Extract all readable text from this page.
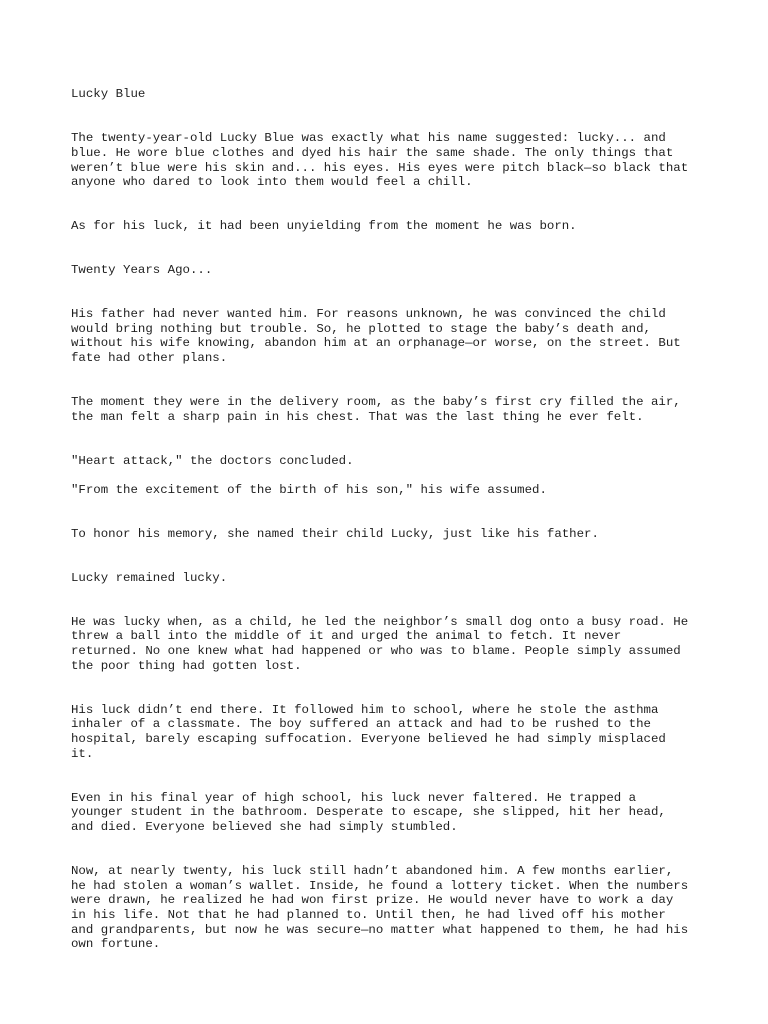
Lucky Blue

The twenty-year-old Lucky Blue was exactly what his name suggested: lucky... and

blue. He wore blue clothes and dyed his hair the same shade. The only things that

weren’t blue were his skin and... his eyes. His eyes were pitch black—so black that

anyone who dared to look into them would feel a chill.

As for his luck, it had been unyielding from the moment he was born.

Twenty Years Ago...

His father had never wanted him. For reasons unknown, he was convinced the child

would bring nothing but trouble. So, he plotted to stage the baby’s death and,

without his wife knowing, abandon him at an orphanage—or worse, on the street. But

fate had other plans.

The moment they were in the delivery room, as the baby’s first cry filled the air,

the man felt a sharp pain in his chest. That was the last thing he ever felt.

"Heart attack," the doctors concluded.

"From the excitement of the birth of his son," his wife assumed.

To honor his memory, she named their child Lucky, just like his father.

Lucky remained lucky.

He was lucky when, as a child, he led the neighbor’s small dog onto a busy road. He

threw a ball into the middle of it and urged the animal to fetch. It never

returned. No one knew what had happened or who was to blame. People simply assumed

the poor thing had gotten lost.

His luck didn’t end there. It followed him to school, where he stole the asthma

inhaler of a classmate. The boy suffered an attack and had to be rushed to the

hospital, barely escaping suffocation. Everyone believed he had simply misplaced

it.

Even in his final year of high school, his luck never faltered. He trapped a

younger student in the bathroom. Desperate to escape, she slipped, hit her head,

and died. Everyone believed she had simply stumbled.

Now, at nearly twenty, his luck still hadn’t abandoned him. A few months earlier,

he had stolen a woman’s wallet. Inside, he found a lottery ticket. When the numbers

were drawn, he realized he had won first prize. He would never have to work a day

in his life. Not that he had planned to. Until then, he had lived off his mother

and grandparents, but now he was secure—no matter what happened to them, he had his

own fortune.
